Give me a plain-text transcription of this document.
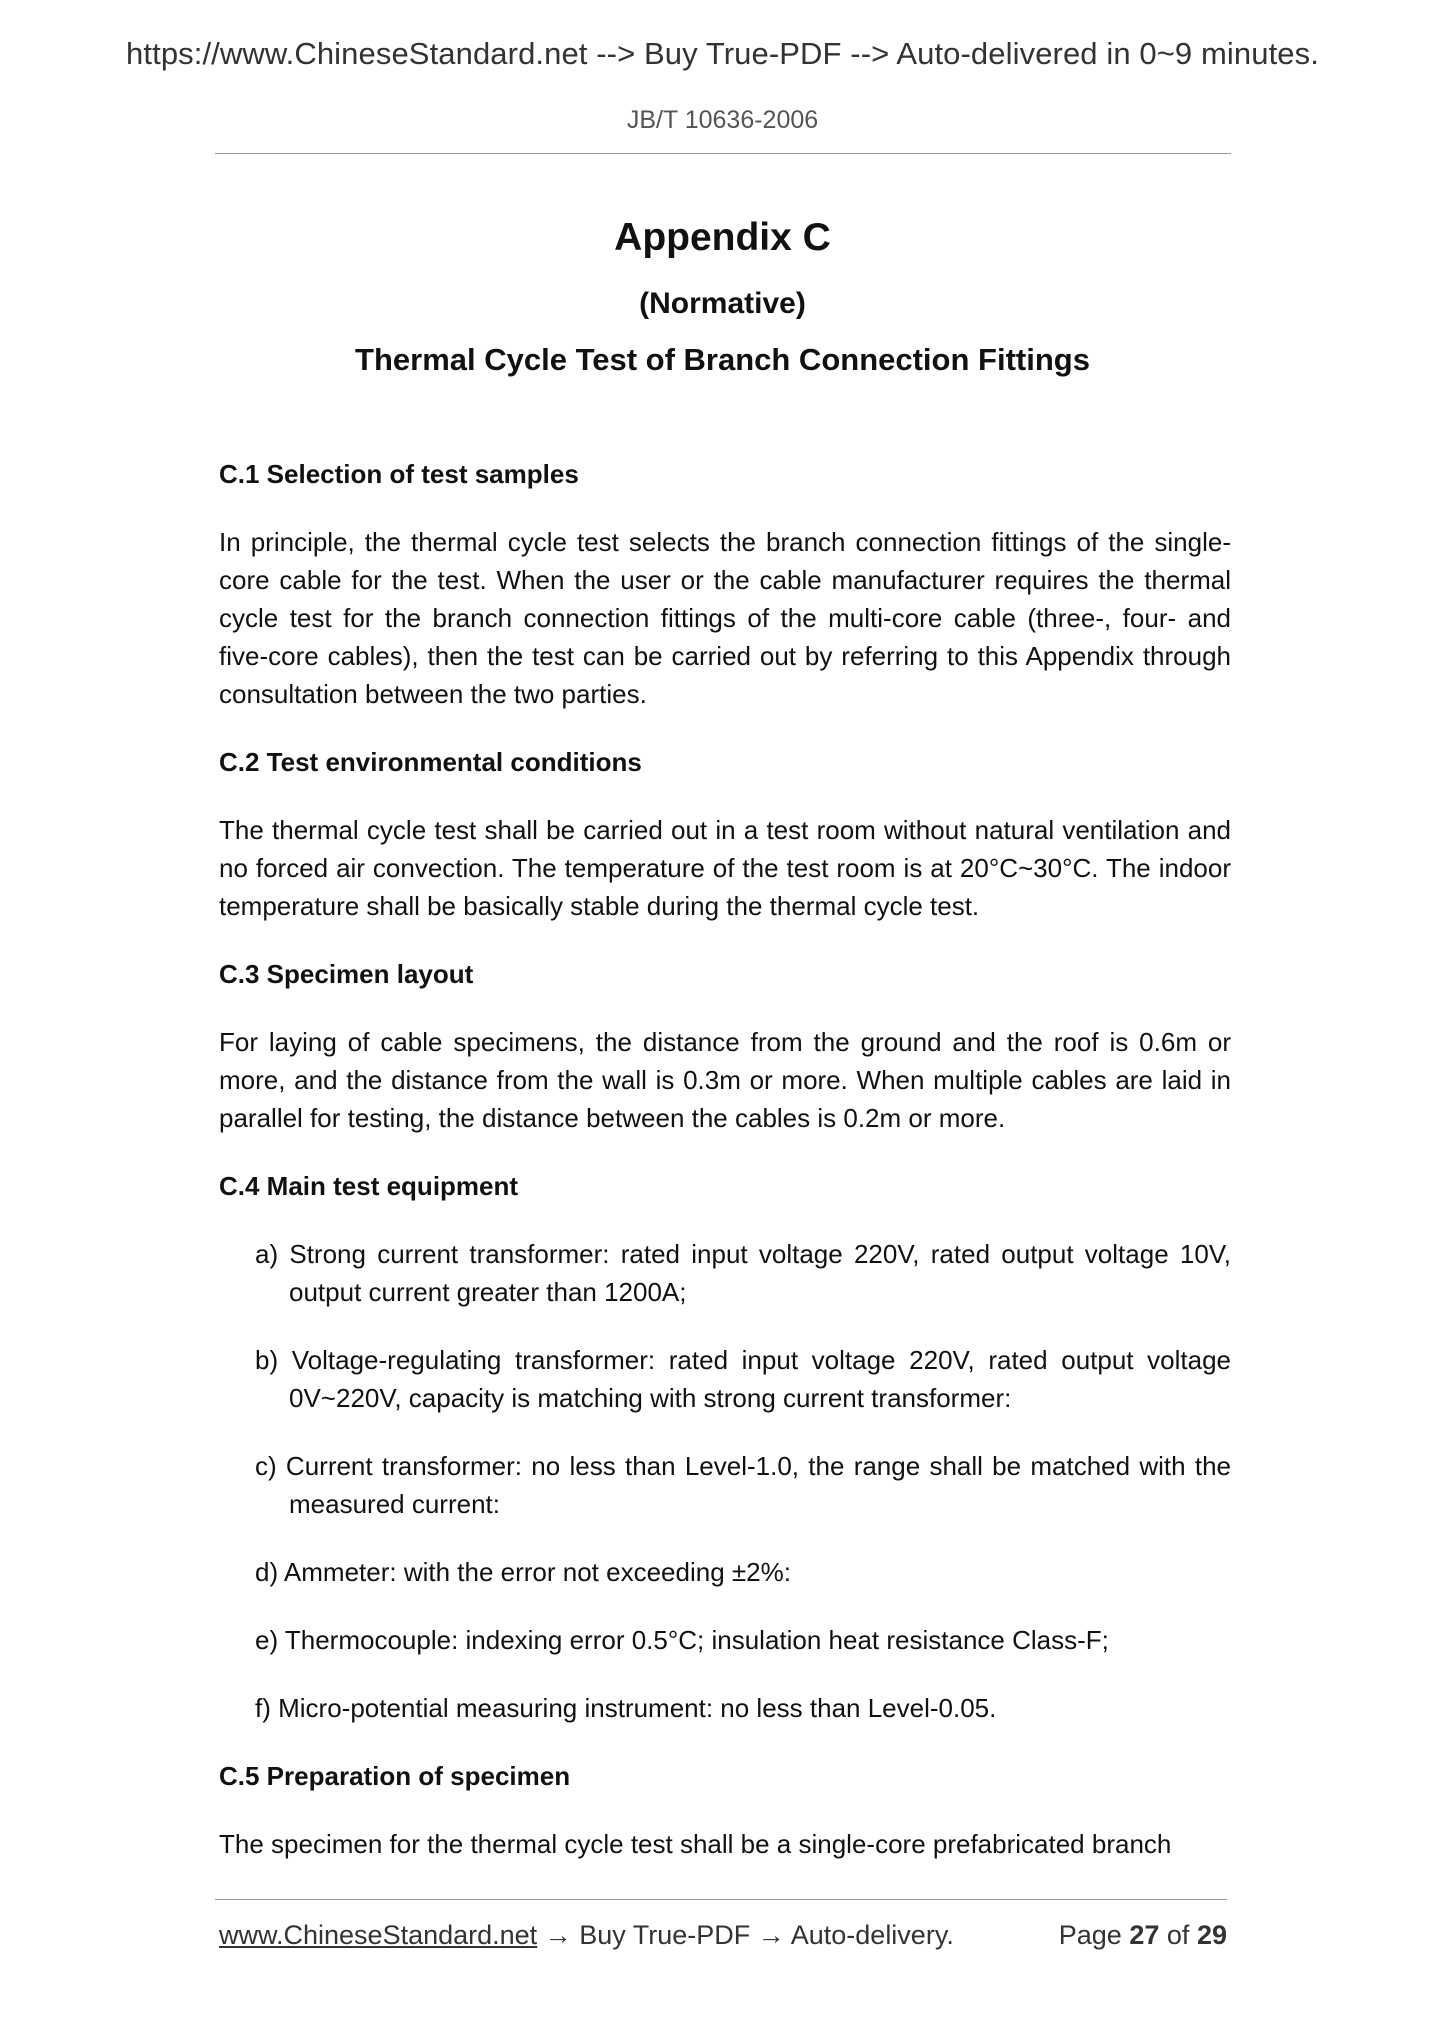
https://www.ChineseStandard.net --> Buy True-PDF --> Auto-delivered in 0~9 minutes.
JB/T 10636-2006
Appendix C
(Normative)
Thermal Cycle Test of Branch Connection Fittings
C.1 Selection of test samples

In principle, the thermal cycle test selects the branch connection fittings of the single-core cable for the test. When the user or the cable manufacturer requires the thermal cycle test for the branch connection fittings of the multi-core cable (three-, four- and five-core cables), then the test can be carried out by referring to this Appendix through consultation between the two parties.

C.2 Test environmental conditions

The thermal cycle test shall be carried out in a test room without natural ventilation and no forced air convection. The temperature of the test room is at 20°C~30°C. The indoor temperature shall be basically stable during the thermal cycle test.

C.3 Specimen layout

For laying of cable specimens, the distance from the ground and the roof is 0.6m or more, and the distance from the wall is 0.3m or more. When multiple cables are laid in parallel for testing, the distance between the cables is 0.2m or more.

C.4 Main test equipment
a) Strong current transformer: rated input voltage 220V, rated output voltage 10V, output current greater than 1200A;
b) Voltage-regulating transformer: rated input voltage 220V, rated output voltage 0V~220V, capacity is matching with strong current transformer:
c) Current transformer: no less than Level-1.0, the range shall be matched with the measured current:
d) Ammeter: with the error not exceeding ±2%:
e) Thermocouple: indexing error 0.5°C; insulation heat resistance Class-F;
f) Micro-potential measuring instrument: no less than Level-0.05.
C.5 Preparation of specimen

The specimen for the thermal cycle test shall be a single-core prefabricated branch

www.ChineseStandard.net → Buy True-PDF → Auto-delivery.	Page 27 of 29
